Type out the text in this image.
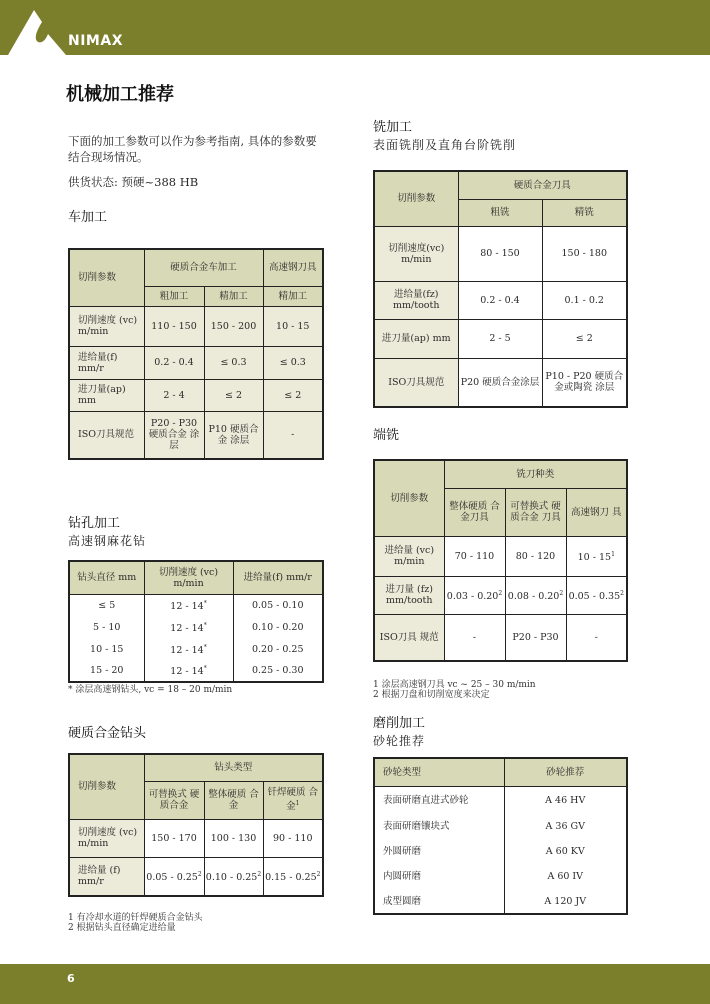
NIMAX
机械加工推荐
下面的加工参数可以作为参考指南, 具体的参数要结合现场情况。
供货状态: 预硬~388 HB
车加工
切削参数	硬质合金车加工		高速钢刀具
	粗加工	精加工	精加工
切削速度 (vc) m/min	110 - 150	150 - 200	10 - 15
进给量(f) mm/r	0.2 - 0.4	≤ 0.3	≤ 0.3
进刀量(ap) mm	2 - 4	≤ 2	≤ 2
ISO刀具规范	P20 - P30 硬质合金 涂层	P10 硬质合金 涂层	-
钻孔加工
高速钢麻花钻
钻头直径 mm	切削速度 (vc) m/min	进给量(f) mm/r
≤ 5	12 - 14*	0.05 - 0.10
5 - 10	12 - 14*	0.10 - 0.20
10 - 15	12 - 14*	0.20 - 0.25
15 - 20	12 - 14*	0.25 - 0.30
* 涂层高速钢钻头, vc = 18 – 20 m/min
硬质合金钻头
切削参数	钻头类型		
	可替换式 硬质合金	整体硬质 合金	钎焊硬质 合金$^1$
切削速度 (vc) m/min	150 - 170	100 - 130	90 - 110
进给量 (f) mm/r	0.05 - 0.25$^2$	0.10 - 0.25$^2$	0.15 - 0.25$^2$
1 有冷却水道的钎焊硬质合金钻头
2 根据钻头直径确定进给量
铣加工
表面铣削及直角台阶铣削
切削参数	硬质合金刀具	
	粗铣	精铣
切削速度(vc) m/min	80 - 150	150 - 180
进给量(fz) mm/tooth	0.2 - 0.4	0.1 - 0.2
进刀量(ap) mm	2 - 5	≤ 2
ISO刀具规范	P20 硬质合金涂层	P10 - P20 硬质合金或陶瓷 涂层
端铣
切削参数	铣刀种类		
	整体硬质 合金刀具	可替换式 硬质合金 刀具	高速钢刀 具
进给量 (vc) m/min	70 - 110	80 - 120	$10 - 15^1$
进刀量 (fz) mm/tooth	0.03 - 0.20$^2$	0.08 - 0.20$^2$	0.05 - 0.35$^2$
ISO刀具 规范	-	P20 - P30	-
1 涂层高速钢刀具 vc ~ 25 – 30 m/min
2 根据刀盘和切削宽度来决定
磨削加工
砂轮推荐
砂轮类型	砂轮推荐
表面研磨直进式砂轮	A 46 HV
表面研磨镶块式	A 36 GV
外圆研磨	A 60 KV
内圆研磨	A 60 IV
成型圆磨	A 120 JV
6
